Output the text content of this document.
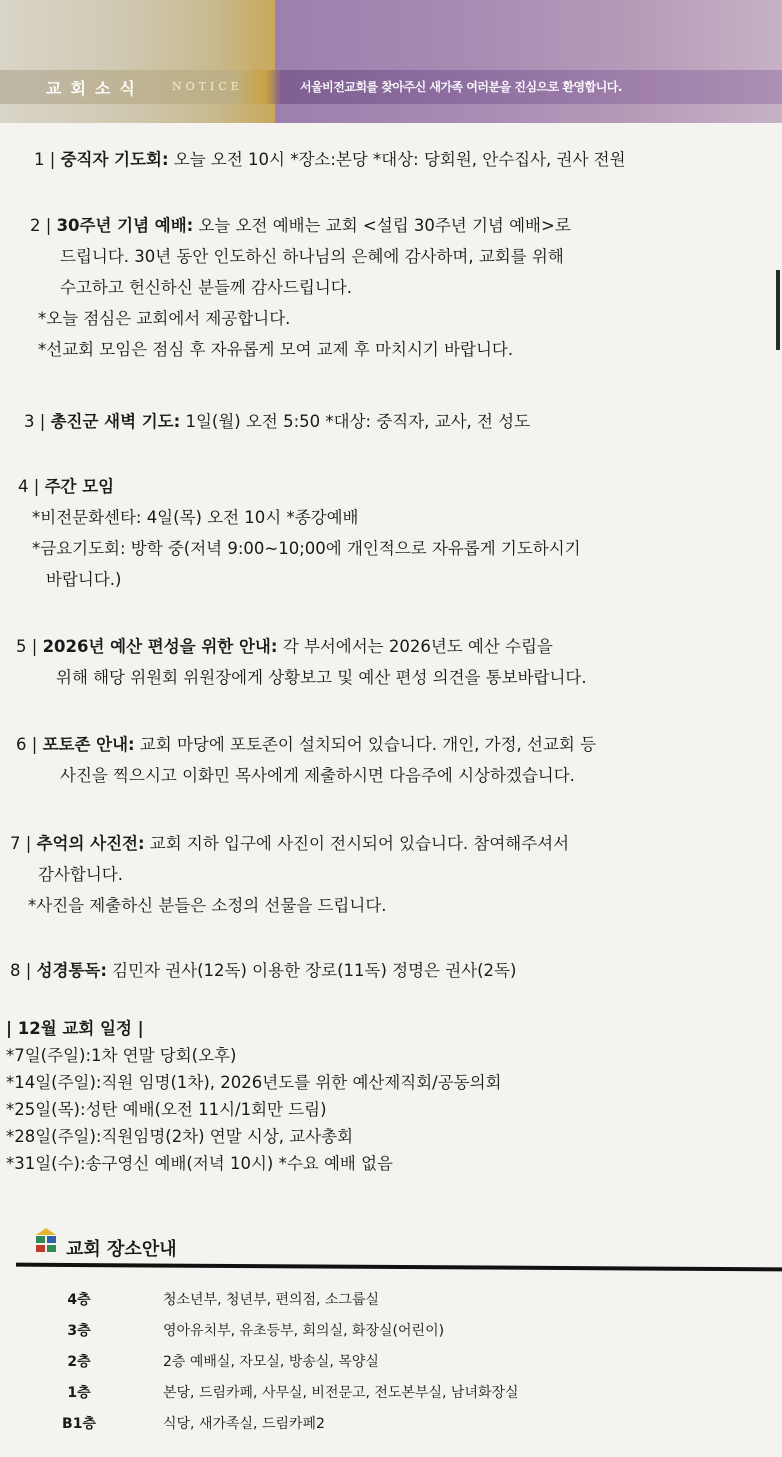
교회소식	NOTICE	서울비전교회를 찾아주신 새가족 여러분을 진심으로 환영합니다.
1 | 중직자 기도회: 오늘 오전 10시 *장소:본당 *대상: 당회원, 안수집사, 권사 전원
2 | 30주년 기념 예배: 오늘 오전 예배는 교회 <설립 30주년 기념 예배>로
드립니다. 30년 동안 인도하신 하나님의 은혜에 감사하며, 교회를 위해
수고하고 헌신하신 분들께 감사드립니다.
*오늘 점심은 교회에서 제공합니다.
*선교회 모임은 점심 후 자유롭게 모여 교제 후 마치시기 바랍니다.
3 | 총진군 새벽 기도: 1일(월) 오전 5:50 *대상: 중직자, 교사, 전 성도
4 | 주간 모임
*비전문화센타: 4일(목) 오전 10시 *종강예배
*금요기도회: 방학 중(저녁 9:00~10;00에 개인적으로 자유롭게 기도하시기
바랍니다.)
5 | 2026년 예산 편성을 위한 안내: 각 부서에서는 2026년도 예산 수립을
위해 해당 위원회 위원장에게 상황보고 및 예산 편성 의견을 통보바랍니다.
6 | 포토존 안내: 교회 마당에 포토존이 설치되어 있습니다. 개인, 가정, 선교회 등
사진을 찍으시고 이화민 목사에게 제출하시면 다음주에 시상하겠습니다.
7 | 추억의 사진전: 교회 지하 입구에 사진이 전시되어 있습니다. 참여해주셔서
감사합니다.
*사진을 제출하신 분들은 소정의 선물을 드립니다.
8 | 성경통독: 김민자 권사(12독) 이용한 장로(11독) 정명은 권사(2독)
| 12월 교회 일정 |
*7일(주일):1차 연말 당회(오후)
*14일(주일):직원 임명(1차), 2026년도를 위한 예산제직회/공동의회
*25일(목):성탄 예배(오전 11시/1회만 드림)
*28일(주일):직원임명(2차) 연말 시상, 교사총회
*31일(수):송구영신 예배(저녁 10시) *수요 예배 없음
교회 장소안내
4층	청소년부, 청년부, 편의점, 소그룹실
3층	영아유치부, 유초등부, 회의실, 화장실(어린이)
2층	2층 예배실, 자모실, 방송실, 목양실
1층	본당, 드림카페, 사무실, 비전문고, 전도본부실, 남녀화장실
B1층	식당, 새가족실, 드림카페2
